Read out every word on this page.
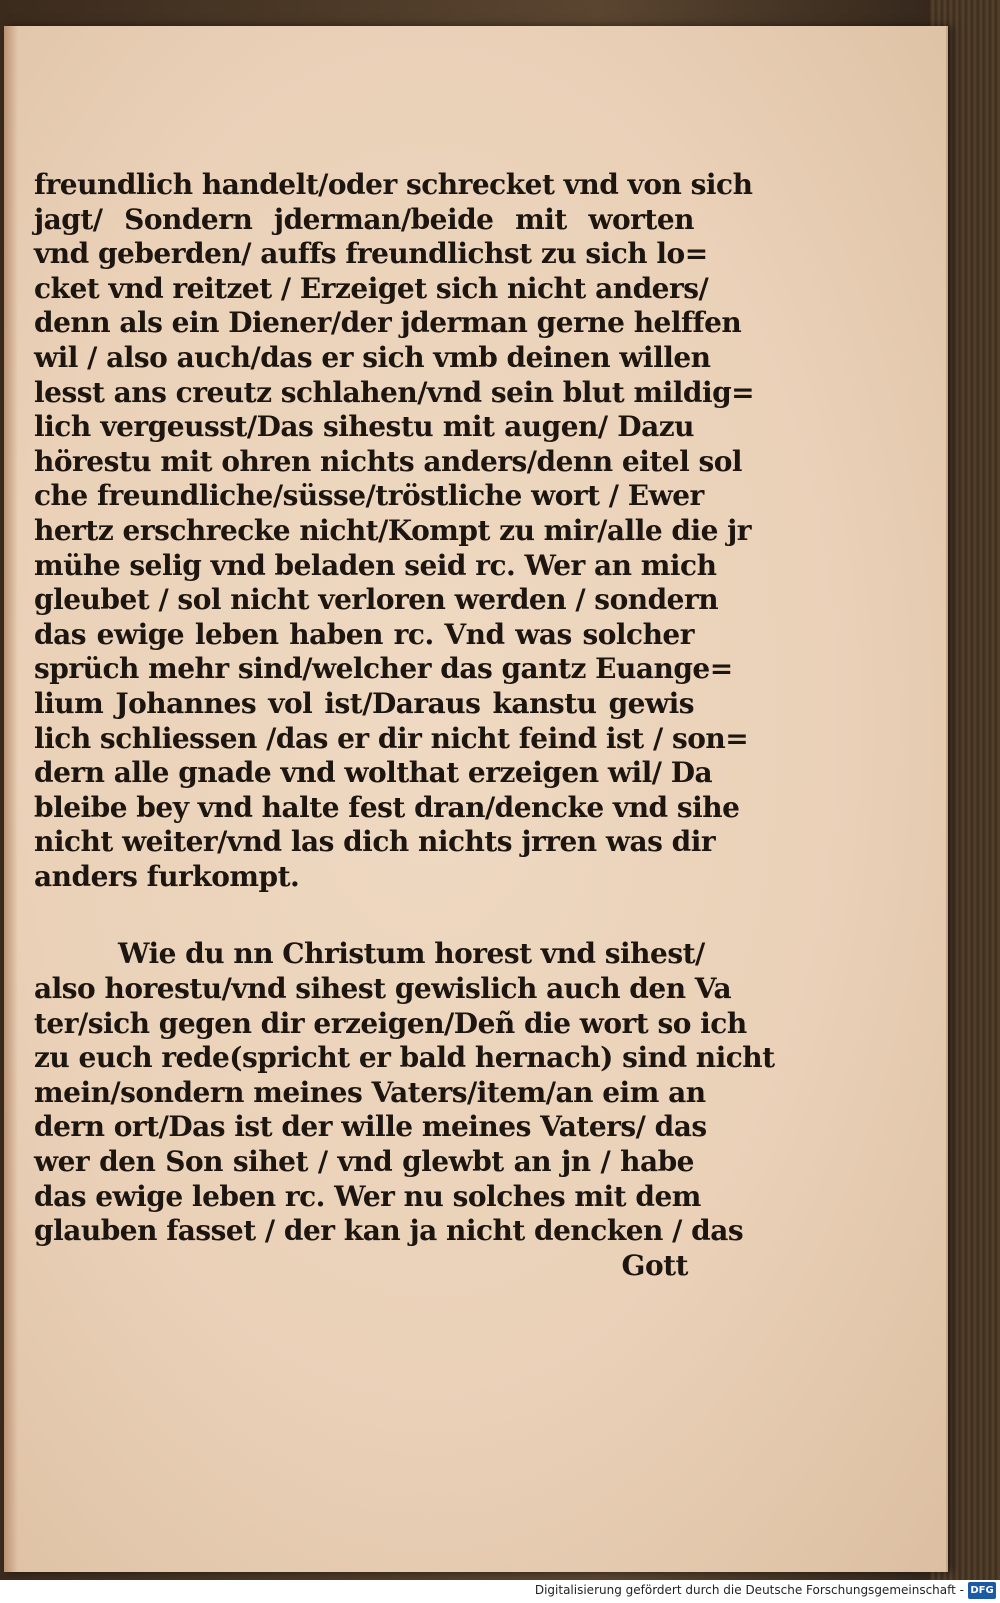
freundlich handelt/oder schrecket vnd von sich
jagt/ Sondern jderman/beide mit worten
vnd geberden/ auffs freundlichst zu sich lo=
cket vnd reitzet / Erzeiget sich nicht anders/
denn als ein Diener/der jderman gerne helffen
wil / also auch/das er sich vmb deinen willen
lesst ans creutz schlahen/vnd sein blut mildig=
lich vergeusst/Das sihestu mit augen/ Dazu
hörestu mit ohren nichts anders/denn eitel sol
che freundliche/süsse/tröstliche wort / Ewer
hertz erschrecke nicht/Kompt zu mir/alle die jr
mühe selig vnd beladen seid rc. Wer an mich
gleubet / sol nicht verloren werden / sondern
das ewige leben haben rc. Vnd was solcher
sprüch mehr sind/welcher das gantz Euange=
lium Johannes vol ist/Daraus kanstu gewis
lich schliessen /das er dir nicht feind ist / son=
dern alle gnade vnd wolthat erzeigen wil/ Da
bleibe bey vnd halte fest dran/dencke vnd sihe
nicht weiter/vnd las dich nichts jrren was dir
anders furkompt.
Wie du nn Christum horest vnd sihest/
also horestu/vnd sihest gewislich auch den Va
ter/sich gegen dir erzeigen/Deñ die wort so ich
zu euch rede(spricht er bald hernach) sind nicht
mein/sondern meines Vaters/item/an eim an
dern ort/Das ist der wille meines Vaters/ das
wer den Son sihet / vnd glewbt an jn / habe
das ewige leben rc. Wer nu solches mit dem
glauben fasset / der kan ja nicht dencken / das
Gott
Digitalisierung gefördert durch die Deutsche Forschungsgemeinschaft - DFG
